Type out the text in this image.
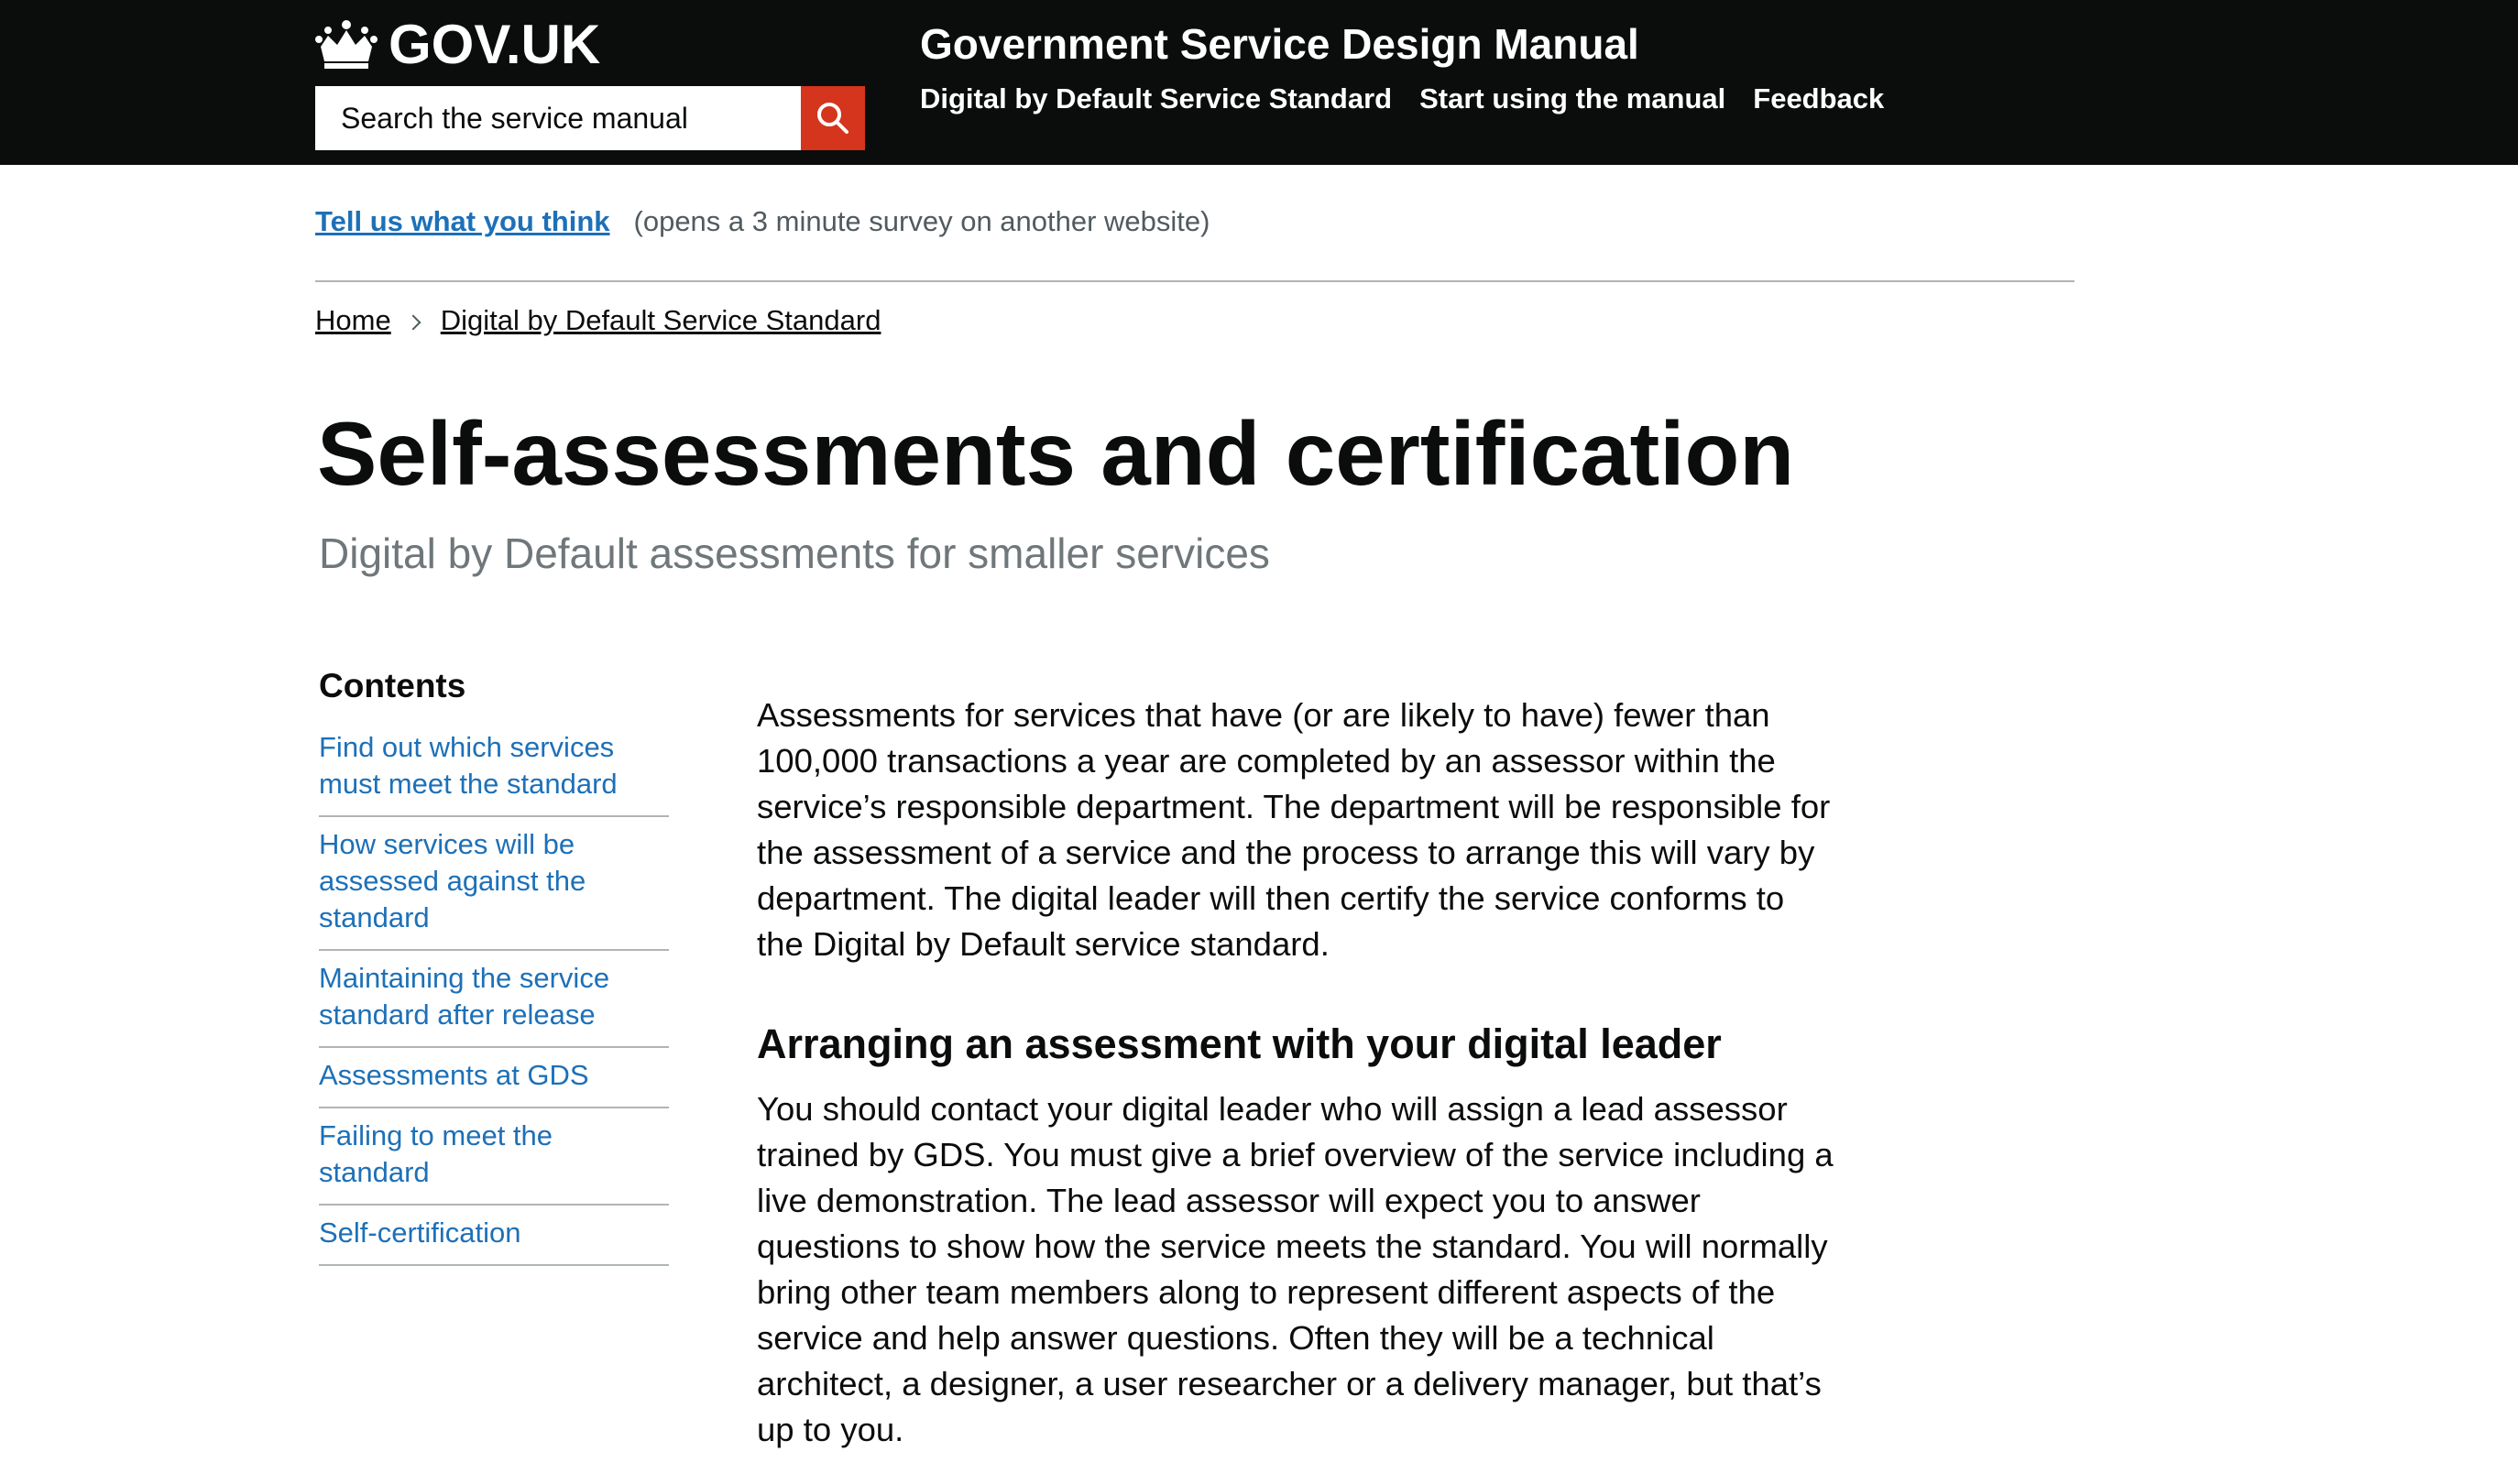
GOV.UK
Search the service manual	Government Service Design Manual
Digital by Default Service Standard Start using the manual Feedback
Tell us what you think (opens a 3 minute survey on another website)
Home Digital by Default Service Standard
Self-assessments and certification
Digital by Default assessments for smaller services
Contents
Find out which services must meet the standard
How services will be assessed against the standard
Maintaining the service standard after release
Assessments at GDS
Failing to meet the standard
Self-certification

Assessments for services that have (or are likely to have) fewer than 100,000 transactions a year are completed by an assessor within the service’s responsible department. The department will be responsible for the assessment of a service and the process to arrange this will vary by department. The digital leader will then certify the service conforms to the Digital by Default service standard.

Arranging an assessment with your digital leader

You should contact your digital leader who will assign a lead assessor trained by GDS. You must give a brief overview of the service including a live demonstration. The lead assessor will expect you to answer questions to show how the service meets the standard. You will normally bring other team members along to represent different aspects of the service and help answer questions. Often they will be a technical architect, a designer, a user researcher or a delivery manager, but that’s up to you.
